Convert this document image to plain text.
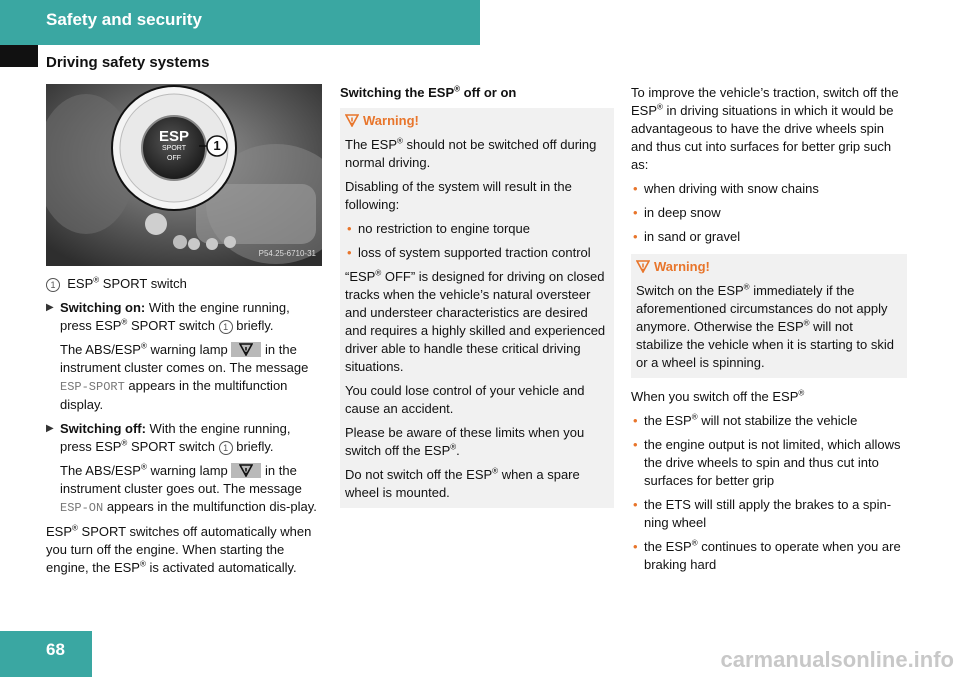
Safety and security
Driving safety systems
ESP
SPORT
OFF
1
P54.25-6710-31

1 ESP® SPORT switch

▶ Switching on: With the engine running, press ESP® SPORT switch 1 briefly.

The ABS/ESP® warning lamp
in the instrument cluster comes on. The message ESP-SPORT appears in the multifunction display.

▶ Switching off: With the engine running, press ESP® SPORT switch 1 briefly.

The ABS/ESP® warning lamp
in the instrument cluster goes out. The message ESP-ON appears in the multifunction dis-play.

ESP® SPORT switches off automatically when you turn off the engine. When starting the engine, the ESP® is activated automatically.

Switching the ESP® off or on
Warning!

The ESP® should not be switched off during normal driving.

Disabling of the system will result in the following:

• no restriction to engine torque
• loss of system supported traction control

“ESP® OFF” is designed for driving on closed tracks when the vehicle’s natural oversteer and understeer characteristics are desired and requires a highly skilled and experienced driver able to handle these critical driving situations.

You could lose control of your vehicle and cause an accident.

Please be aware of these limits when you switch off the ESP®.

Do not switch off the ESP® when a spare wheel is mounted.

To improve the vehicle’s traction, switch off the ESP® in driving situations in which it would be advantageous to have the drive wheels spin and thus cut into surfaces for better grip such as:

• when driving with snow chains
• in deep snow
• in sand or gravel
Warning!

Switch on the ESP® immediately if the aforementioned circumstances do not apply anymore. Otherwise the ESP® will not stabilize the vehicle when it is starting to skid or a wheel is spinning.

When you switch off the ESP®

• the ESP® will not stabilize the vehicle
• the engine output is not limited, which allows the drive wheels to spin and thus cut into surfaces for better grip
• the ETS will still apply the brakes to a spin-ning wheel
• the ESP® continues to operate when you are braking hard
68	carmanualsonline.info
